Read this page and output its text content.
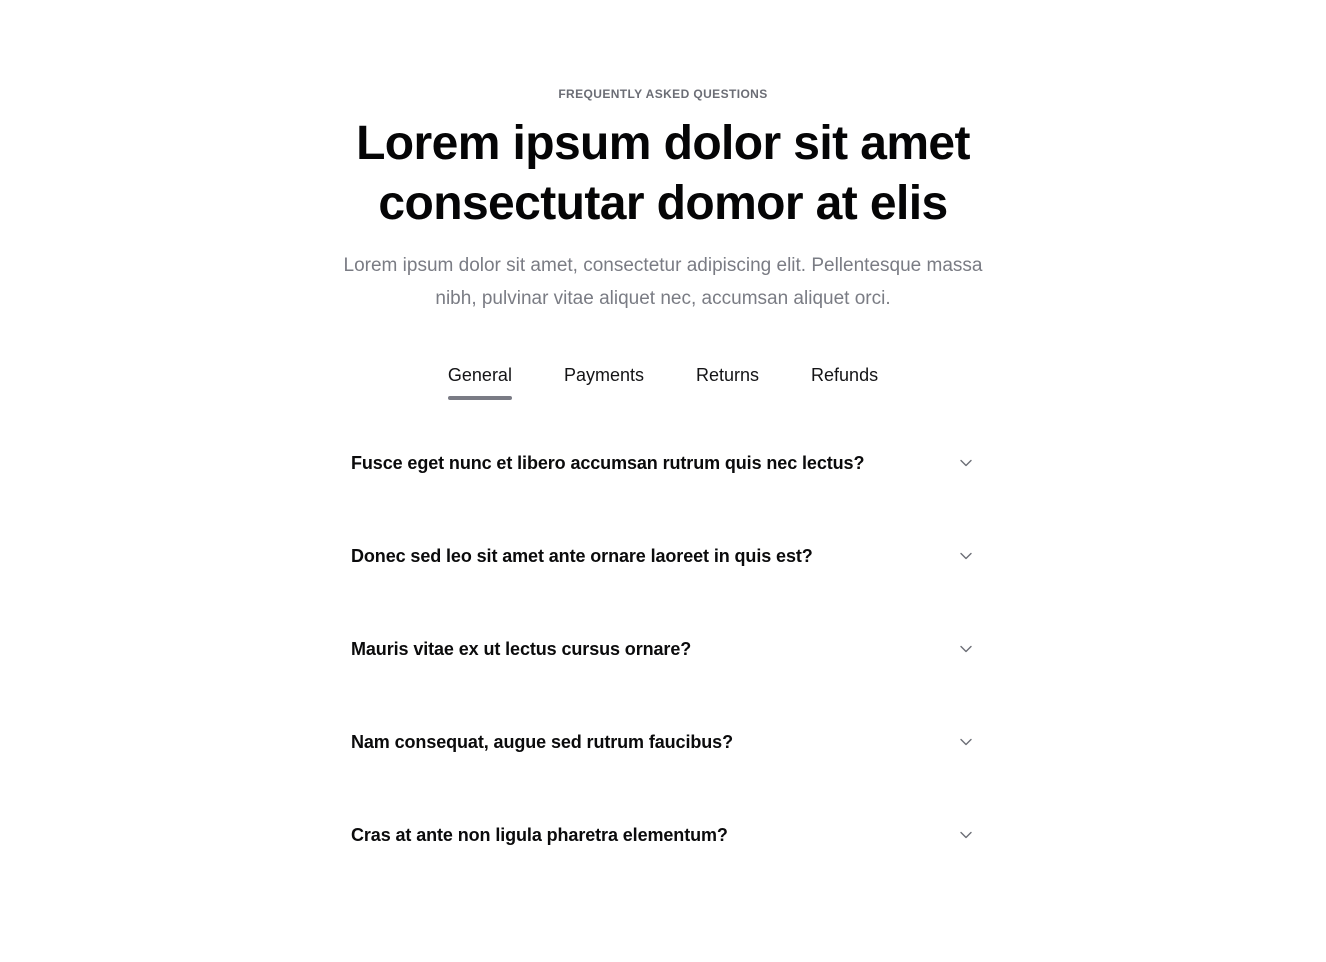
FREQUENTLY ASKED QUESTIONS
Lorem ipsum dolor sit amet
consectutar domor at elis

Lorem ipsum dolor sit amet, consectetur adipiscing elit. Pellentesque massa
nibh, pulvinar vitae aliquet nec, accumsan aliquet orci.

General	Payments	Returns	Refunds
Fusce eget nunc et libero accumsan rutrum quis nec lectus?
Donec sed leo sit amet ante ornare laoreet in quis est?
Mauris vitae ex ut lectus cursus ornare?
Nam consequat, augue sed rutrum faucibus?
Cras at ante non ligula pharetra elementum?
